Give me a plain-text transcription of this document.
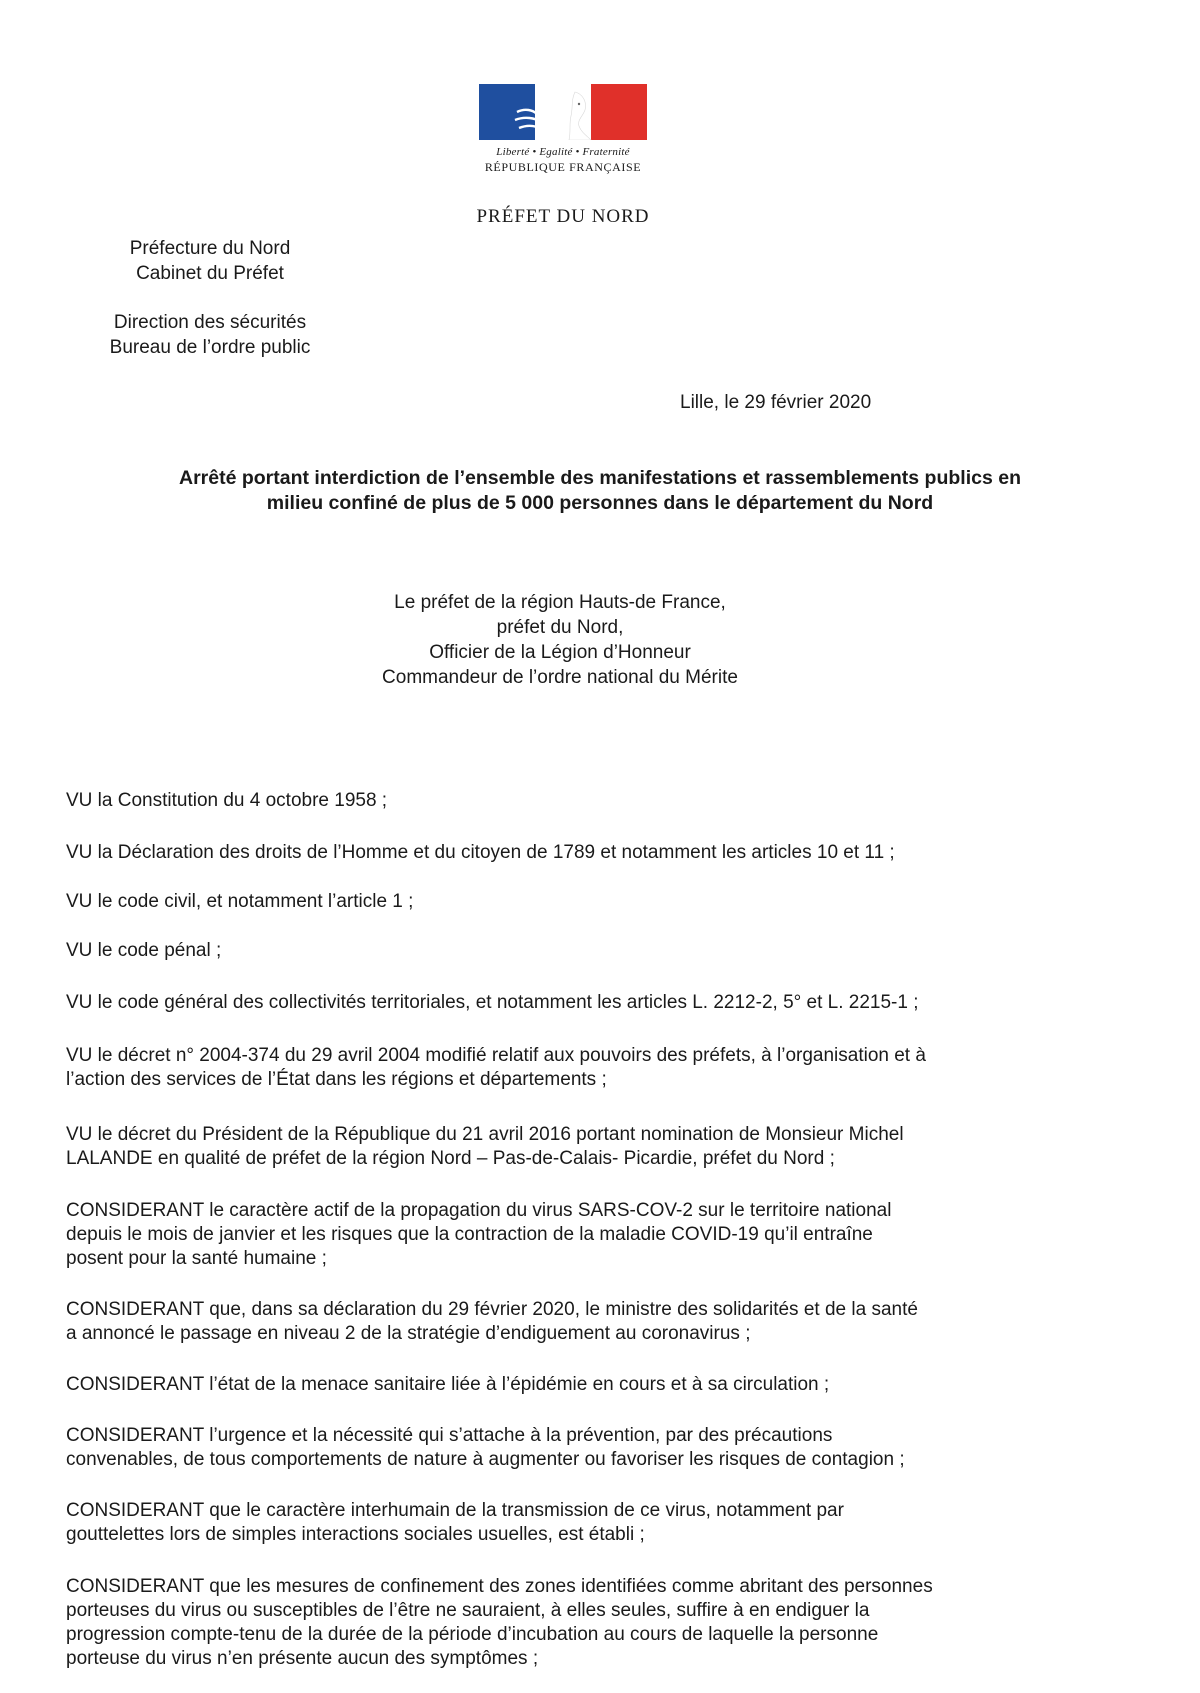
Liberté • Egalité • Fraternité
RÉPUBLIQUE FRANÇAISE
PRÉFET DU NORD
Préfecture du Nord
Cabinet du Préfet
Direction des sécurités
Bureau de l’ordre public
Lille, le 29 février 2020
Arrêté portant interdiction de l’ensemble des manifestations et rassemblements publics en
milieu confiné de plus de 5 000 personnes dans le département du Nord
Le préfet de la région Hauts-de France,
préfet du Nord,
Officier de la Légion d’Honneur
Commandeur de l’ordre national du Mérite
VU la Constitution du 4 octobre 1958 ;
VU la Déclaration des droits de l’Homme et du citoyen de 1789 et notamment les articles 10 et 11 ;
VU le code civil, et notamment l’article 1 ;
VU le code pénal ;
VU le code général des collectivités territoriales, et notamment les articles L. 2212-2, 5° et L. 2215-1 ;
VU le décret n° 2004-374 du 29 avril 2004 modifié relatif aux pouvoirs des préfets, à l’organisation et à
l’action des services de l’État dans les régions et départements ;
VU le décret du Président de la République du 21 avril 2016 portant nomination de Monsieur Michel
LALANDE en qualité de préfet de la région Nord – Pas-de-Calais- Picardie, préfet du Nord ;
CONSIDERANT le caractère actif de la propagation du virus SARS-COV-2 sur le territoire national
depuis le mois de janvier et les risques que la contraction de la maladie COVID-19 qu’il entraîne
posent pour la santé humaine ;
CONSIDERANT que, dans sa déclaration du 29 février 2020, le ministre des solidarités et de la santé
a annoncé le passage en niveau 2 de la stratégie d’endiguement au coronavirus ;
CONSIDERANT l’état de la menace sanitaire liée à l’épidémie en cours et à sa circulation ;
CONSIDERANT l’urgence et la nécessité qui s’attache à la prévention, par des précautions
convenables, de tous comportements de nature à augmenter ou favoriser les risques de contagion ;
CONSIDERANT que le caractère interhumain de la transmission de ce virus, notamment par
gouttelettes lors de simples interactions sociales usuelles, est établi ;
CONSIDERANT que les mesures de confinement des zones identifiées comme abritant des personnes
porteuses du virus ou susceptibles de l’être ne sauraient, à elles seules, suffire à en endiguer la
progression compte-tenu de la durée de la période d’incubation au cours de laquelle la personne
porteuse du virus n’en présente aucun des symptômes ;
